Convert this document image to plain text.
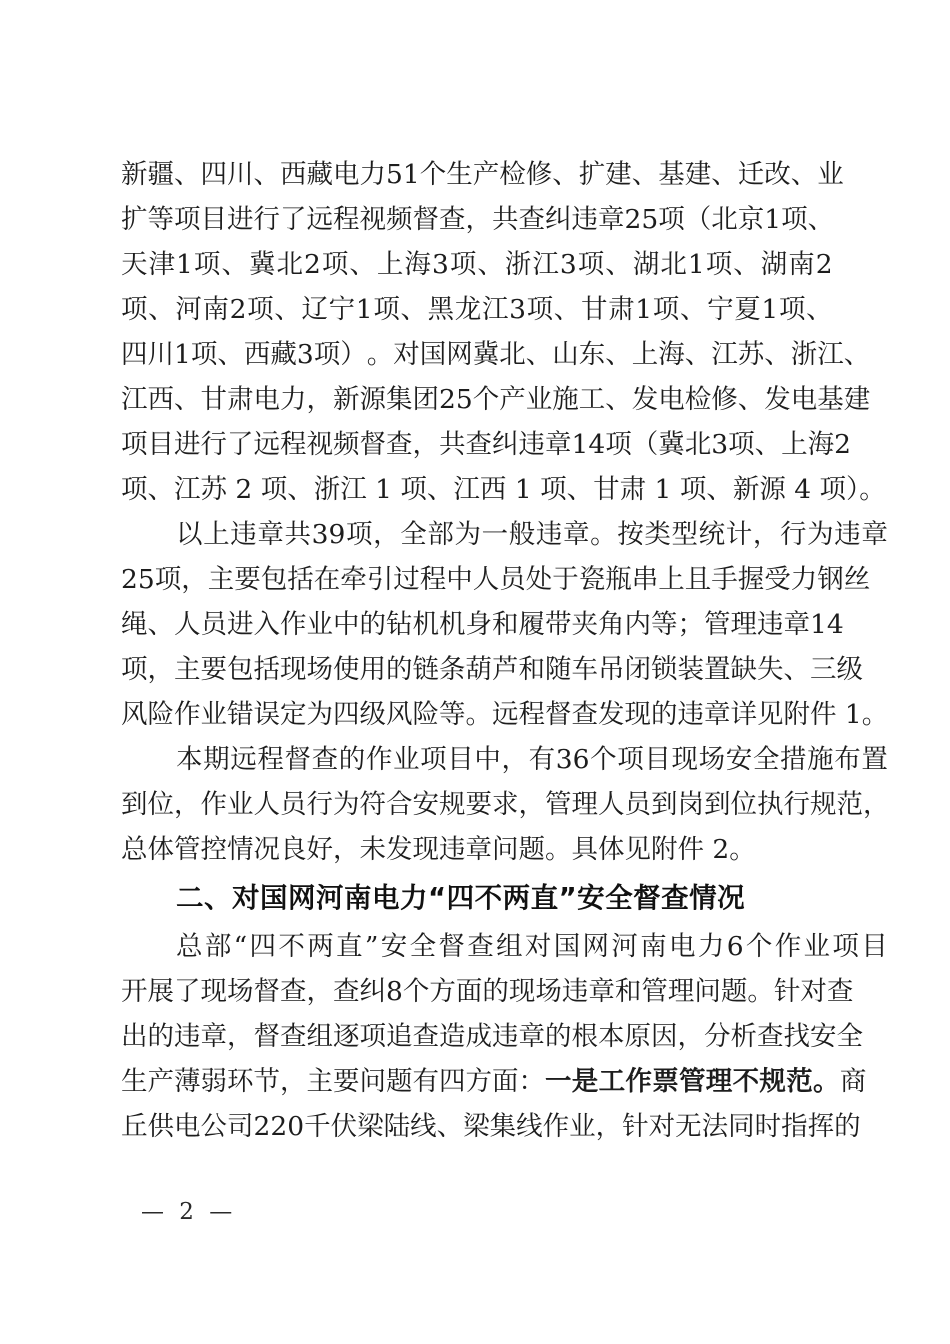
新 疆 、 四 川 、 西 藏 电 力 51 个 生 产 检 修 、 扩 建 、 基 建 、 迁 改 、 业
扩 等 项 目 进 行 了 远 程 视 频 督 查 ， 共 查 纠 违 章 25 项 （ 北 京 1 项 、
天 津 1 项 、 冀 北 2 项 、 上 海 3 项 、 浙 江 3 项 、 湖 北 1 项 、 湖 南 2
项 、 河 南 2 项 、 辽 宁 1 项 、 黑 龙 江 3 项 、 甘 肃 1 项 、 宁 夏 1 项 、
四 川 1 项 、 西 藏 3 项 ） 。 对 国 网 冀 北 、 山 东 、 上 海 、 江 苏 、 浙 江 、
江 西 、 甘 肃 电 力 ， 新 源 集 团 25 个 产 业 施 工 、 发 电 检 修 、 发 电 基 建
项 目 进 行 了 远 程 视 频 督 查 ， 共 查 纠 违 章 14 项 （ 冀 北 3 项 、 上 海 2
项、江苏 2 项、浙江 1 项、江西 1 项、甘肃 1 项、新源 4 项）。
以 上 违 章 共 39 项 ， 全 部 为 一 般 违 章 。 按 类 型 统 计 ， 行 为 违 章
25 项 ， 主 要 包 括 在 牵 引 过 程 中 人 员 处 于 瓷 瓶 串 上 且 手 握 受 力 钢 丝
绳 、 人 员 进 入 作 业 中 的 钻 机 机 身 和 履 带 夹 角 内 等 ； 管 理 违 章 14
项 ， 主 要 包 括 现 场 使 用 的 链 条 葫 芦 和 随 车 吊 闭 锁 装 置 缺 失 、 三 级
风险作业错误定为四级风险等。远程督查发现的违章详见附件 1。
本 期 远 程 督 查 的 作 业 项 目 中 ， 有 36 个 项 目 现 场 安 全 措 施 布 置
到 位 ， 作 业 人 员 行 为 符 合 安 规 要 求 ， 管 理 人 员 到 岗 到 位 执 行 规 范 ，
总体管控情况良好，未发现违章问题。具体见附件 2。
二、对国网河南电力“四不两直”安全督查情况
总 部 “ 四 不 两 直 ” 安 全 督 查 组 对 国 网 河 南 电 力 6 个 作 业 项 目
开 展 了 现 场 督 查 ， 查 纠 8 个 方 面 的 现 场 违 章 和 管 理 问 题 。 针 对 查
出 的 违 章 ， 督 查 组 逐 项 追 查 造 成 违 章 的 根 本 原 因 ， 分 析 查 找 安 全
生产薄弱环节，主要问题有四方面：一是工作票管理不规范。商
丘 供 电 公 司 220 千 伏 梁 陆 线 、 梁 集 线 作 业 ， 针 对 无 法 同 时 指 挥 的
— 2 —
